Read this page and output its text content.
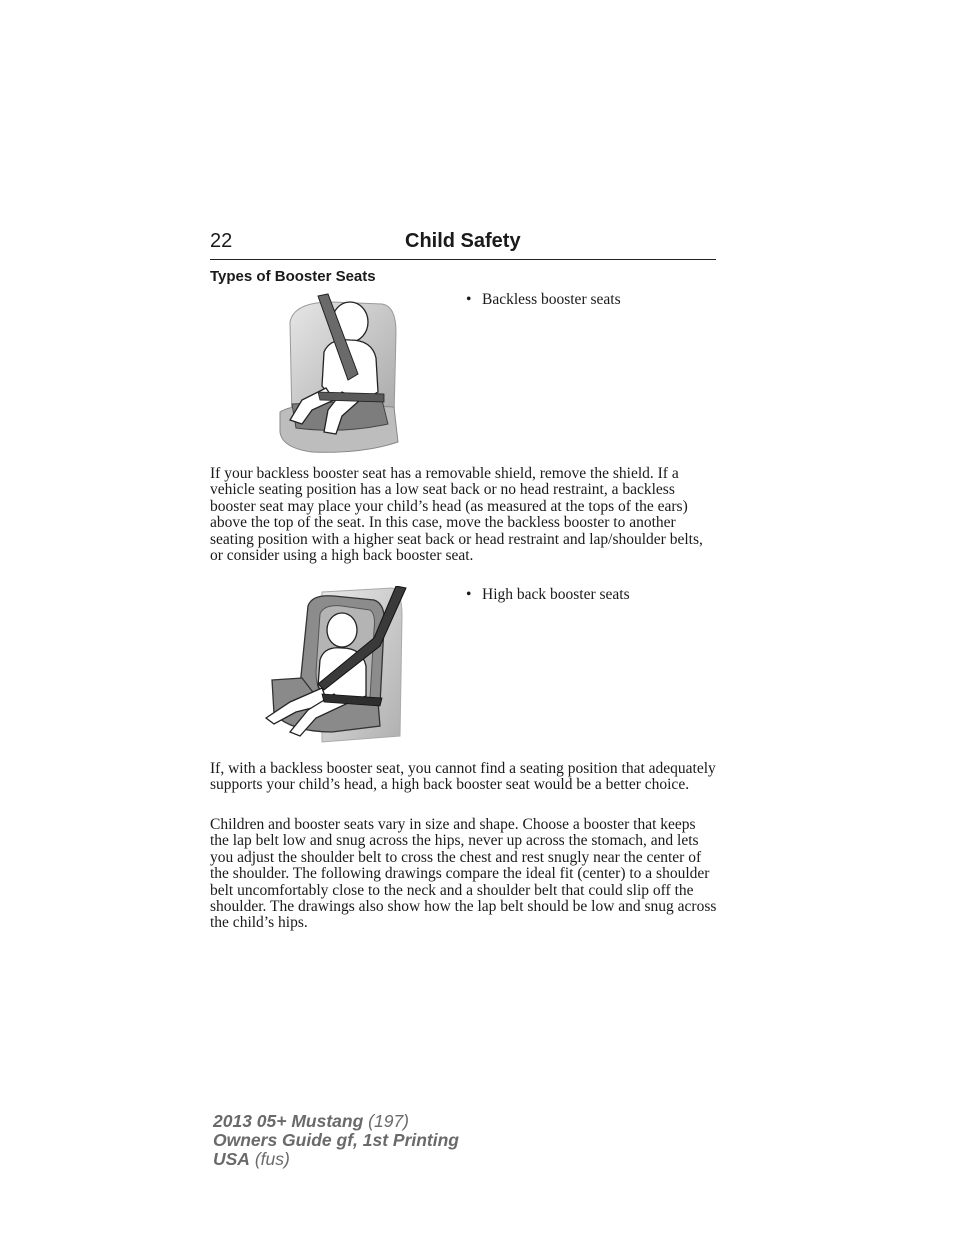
22	Child Safety
Types of Booster Seats
• Backless booster seats
If your backless booster seat has a removable shield, remove the shield. If a vehicle seating position has a low seat back or no head restraint, a backless booster seat may place your child’s head (as measured at the tops of the ears) above the top of the seat. In this case, move the backless booster to another seating position with a higher seat back or head restraint and lap/shoulder belts, or consider using a high back booster seat.
• High back booster seats
If, with a backless booster seat, you cannot find a seating position that adequately supports your child’s head, a high back booster seat would be a better choice.
Children and booster seats vary in size and shape. Choose a booster that keeps the lap belt low and snug across the hips, never up across the stomach, and lets you adjust the shoulder belt to cross the chest and rest snugly near the center of the shoulder. The following drawings compare the ideal fit (center) to a shoulder belt uncomfortably close to the neck and a shoulder belt that could slip off the shoulder. The drawings also show how the lap belt should be low and snug across the child’s hips.
2013 05+ Mustang (197)
Owners Guide gf, 1st Printing
USA (fus)
